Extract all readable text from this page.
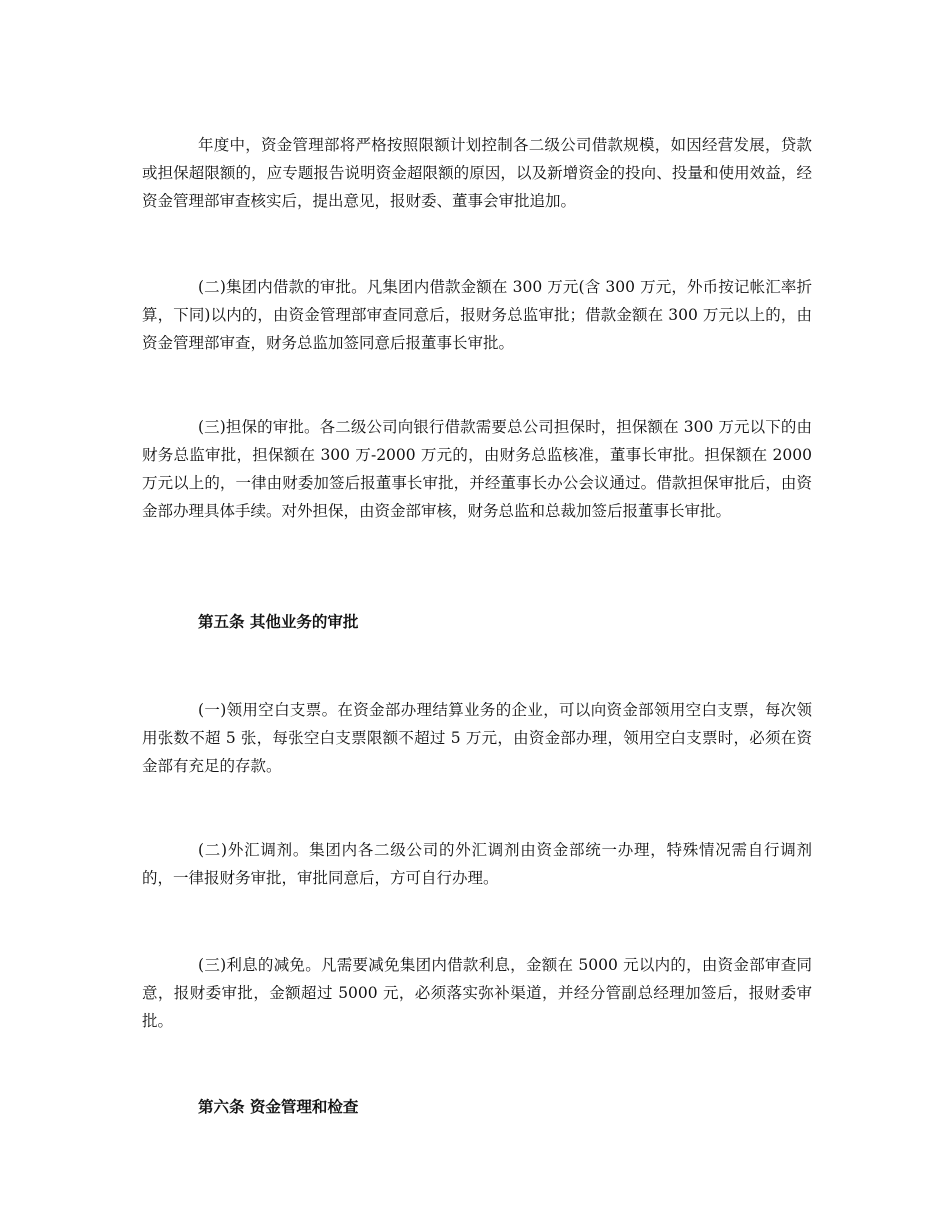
年度中，资金管理部将严格按照限额计划控制各二级公司借款规模，如因经营发展，贷款或担保超限额的，应专题报告说明资金超限额的原因，以及新增资金的投向、投量和使用效益，经资金管理部审查核实后，提出意见，报财委、董事会审批追加。

(二)集团内借款的审批。凡集团内借款金额在 300 万元(含 300 万元，外币按记帐汇率折算，下同)以内的，由资金管理部审查同意后，报财务总监审批；借款金额在 300 万元以上的，由资金管理部审查，财务总监加签同意后报董事长审批。

(三)担保的审批。各二级公司向银行借款需要总公司担保时，担保额在 300 万元以下的由财务总监审批，担保额在 300 万-2000 万元的，由财务总监核准，董事长审批。担保额在 2000 万元以上的，一律由财委加签后报董事长审批，并经董事长办公会议通过。借款担保审批后，由资金部办理具体手续。对外担保，由资金部审核，财务总监和总裁加签后报董事长审批。

第五条 其他业务的审批

(一)领用空白支票。在资金部办理结算业务的企业，可以向资金部领用空白支票，每次领用张数不超 5 张，每张空白支票限额不超过 5 万元，由资金部办理，领用空白支票时，必须在资金部有充足的存款。

(二)外汇调剂。集团内各二级公司的外汇调剂由资金部统一办理，特殊情况需自行调剂的，一律报财务审批，审批同意后，方可自行办理。

(三)利息的减免。凡需要减免集团内借款利息，金额在 5000 元以内的，由资金部审查同意，报财委审批，金额超过 5000 元，必须落实弥补渠道，并经分管副总经理加签后，报财委审批。

第六条 资金管理和检查
